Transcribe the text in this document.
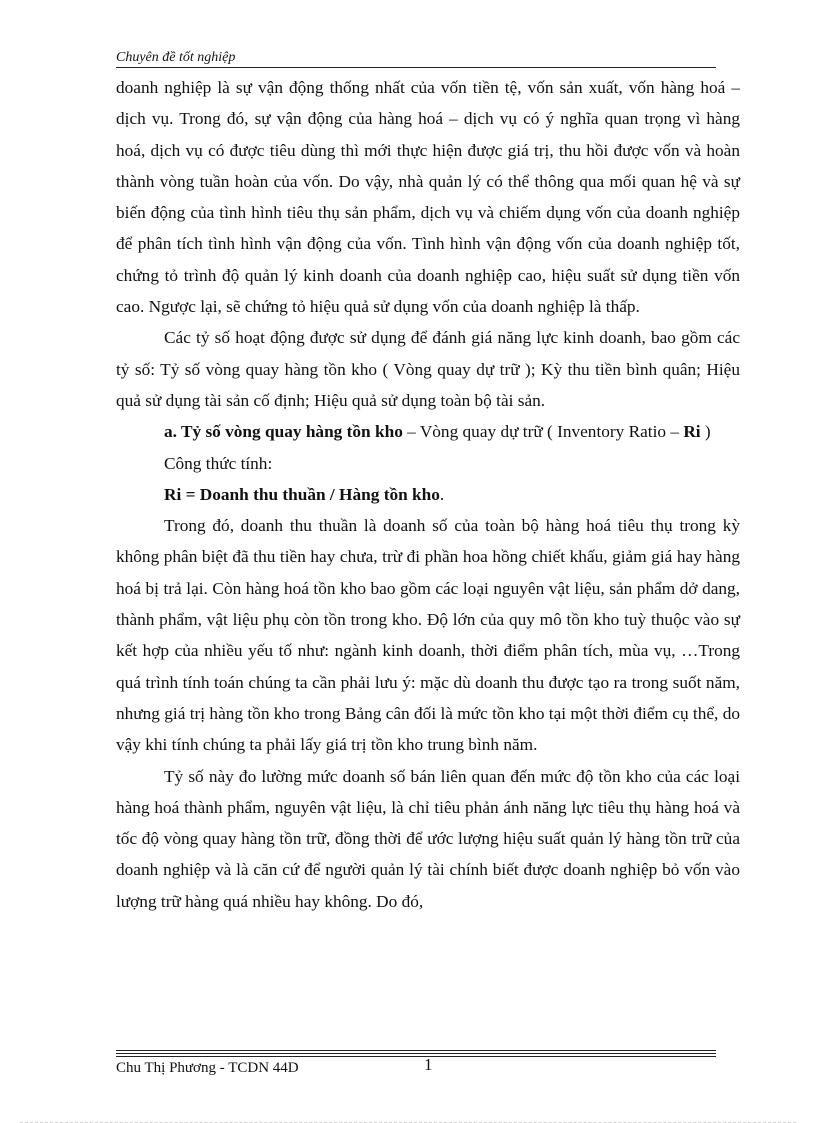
Chuyên đề tốt nghiệp

doanh nghiệp là sự vận động thống nhất của vốn tiền tệ, vốn sản xuất, vốn hàng hoá – dịch vụ. Trong đó, sự vận động của hàng hoá – dịch vụ có ý nghĩa quan trọng vì hàng hoá, dịch vụ có được tiêu dùng thì mới thực hiện được giá trị, thu hồi được vốn và hoàn thành vòng tuần hoàn của vốn. Do vậy, nhà quản lý có thể thông qua mối quan hệ và sự biến động của tình hình tiêu thụ sản phẩm, dịch vụ và chiếm dụng vốn của doanh nghiệp để phân tích tình hình vận động của vốn. Tình hình vận động vốn của doanh nghiệp tốt, chứng tỏ trình độ quản lý kinh doanh của doanh nghiệp cao, hiệu suất sử dụng tiền vốn cao. Ngược lại, sẽ chứng tỏ hiệu quả sử dụng vốn của doanh nghiệp là thấp.

Các tỷ số hoạt động được sử dụng để đánh giá năng lực kinh doanh, bao gồm các tỷ số: Tỷ số vòng quay hàng tồn kho ( Vòng quay dự trữ ); Kỳ thu tiền bình quân; Hiệu quả sử dụng tài sản cố định; Hiệu quả sử dụng toàn bộ tài sản.

a. Tỷ số vòng quay hàng tồn kho – Vòng quay dự trữ ( Inventory Ratio – Ri )

Công thức tính:

Ri = Doanh thu thuần / Hàng tồn kho.

Trong đó, doanh thu thuần là doanh số của toàn bộ hàng hoá tiêu thụ trong kỳ không phân biệt đã thu tiền hay chưa, trừ đi phần hoa hồng chiết khấu, giảm giá hay hàng hoá bị trả lại. Còn hàng hoá tồn kho bao gồm các loại nguyên vật liệu, sản phẩm dở dang, thành phẩm, vật liệu phụ còn tồn trong kho. Độ lớn của quy mô tồn kho tuỳ thuộc vào sự kết hợp của nhiều yếu tố như: ngành kinh doanh, thời điểm phân tích, mùa vụ, …Trong quá trình tính toán chúng ta cần phải lưu ý: mặc dù doanh thu được tạo ra trong suốt năm, nhưng giá trị hàng tồn kho trong Bảng cân đối là mức tồn kho tại một thời điểm cụ thể, do vậy khi tính chúng ta phải lấy giá trị tồn kho trung bình năm.

Tỷ số này đo lường mức doanh số bán liên quan đến mức độ tồn kho của các loại hàng hoá thành phẩm, nguyên vật liệu, là chỉ tiêu phản ánh năng lực tiêu thụ hàng hoá và tốc độ vòng quay hàng tồn trữ, đồng thời để ước lượng hiệu suất quản lý hàng tồn trữ của doanh nghiệp và là căn cứ để người quản lý tài chính biết được doanh nghiệp bỏ vốn vào lượng trữ hàng quá nhiều hay không. Do đó,

Chu Thị Phương - TCDN 44D	1
